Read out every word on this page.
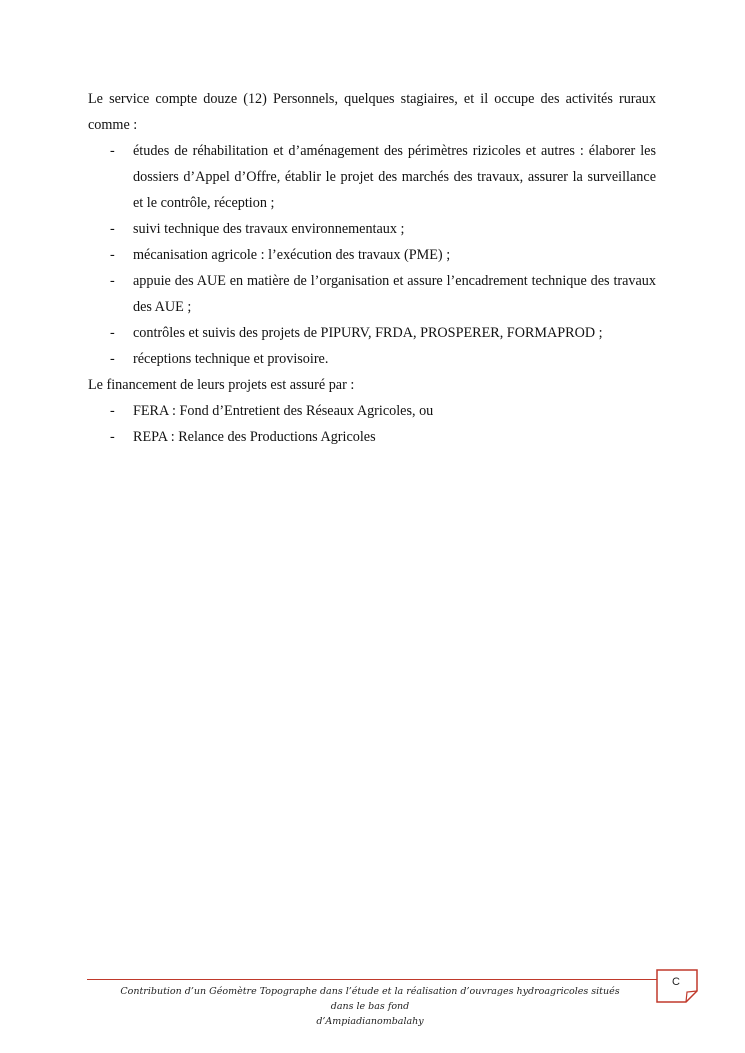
Le service compte douze (12) Personnels, quelques stagiaires, et il occupe des activités ruraux comme :

- études de réhabilitation et d’aménagement des périmètres rizicoles et autres : élaborer les dossiers d’Appel d’Offre, établir le projet des marchés des travaux, assurer la surveillance et le contrôle, réception ;
- suivi technique des travaux environnementaux ;
- mécanisation agricole : l’exécution des travaux (PME) ;
- appuie des AUE en matière de l’organisation et assure l’encadrement technique des travaux des AUE ;
- contrôles et suivis des projets de PIPURV, FRDA, PROSPERER, FORMAPROD ;
- réceptions technique et provisoire.

Le financement de leurs projets est assuré par :

- FERA : Fond d’Entretient des Réseaux Agricoles, ou
- REPA : Relance des Productions Agricoles
Contribution d’un Géomètre Topographe dans l’étude et la réalisation d’ouvrages hydroagricoles situés dans le bas fond
d’Ampiadianombalahy
C
